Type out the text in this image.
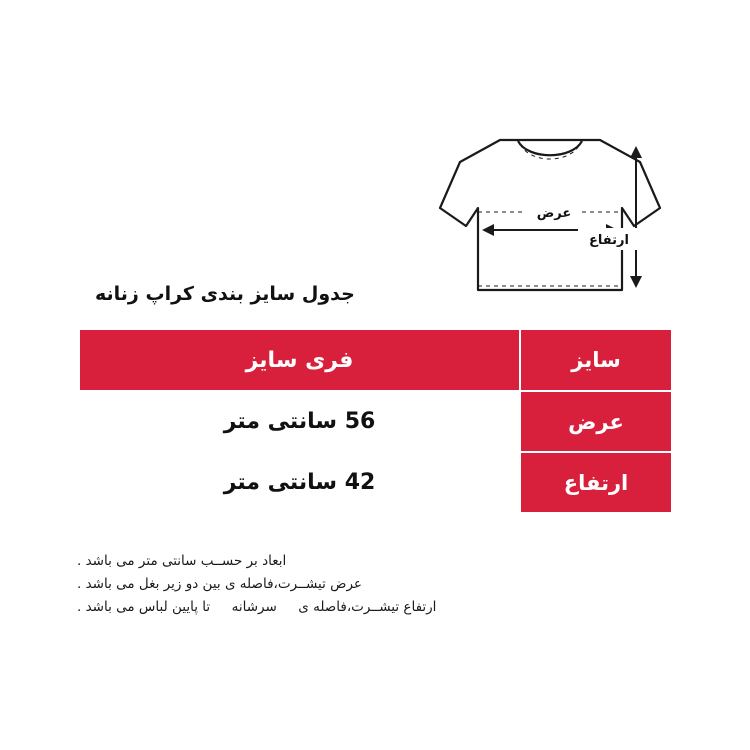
عرض
ارتفاع
جدول سایز بندی کراپ زنانه
سایز	فری سایز
عرض	56 سانتی متر
ارتفاع	42 سانتی متر
ابعاد بر حســب سانتی متر می باشد .
عرض تیشــرت،فاصله ی بین دو زیر بغل می باشد .
ارتفاع تیشــرت،فاصله ی     سرشانه     تا پایین لباس می باشد .
